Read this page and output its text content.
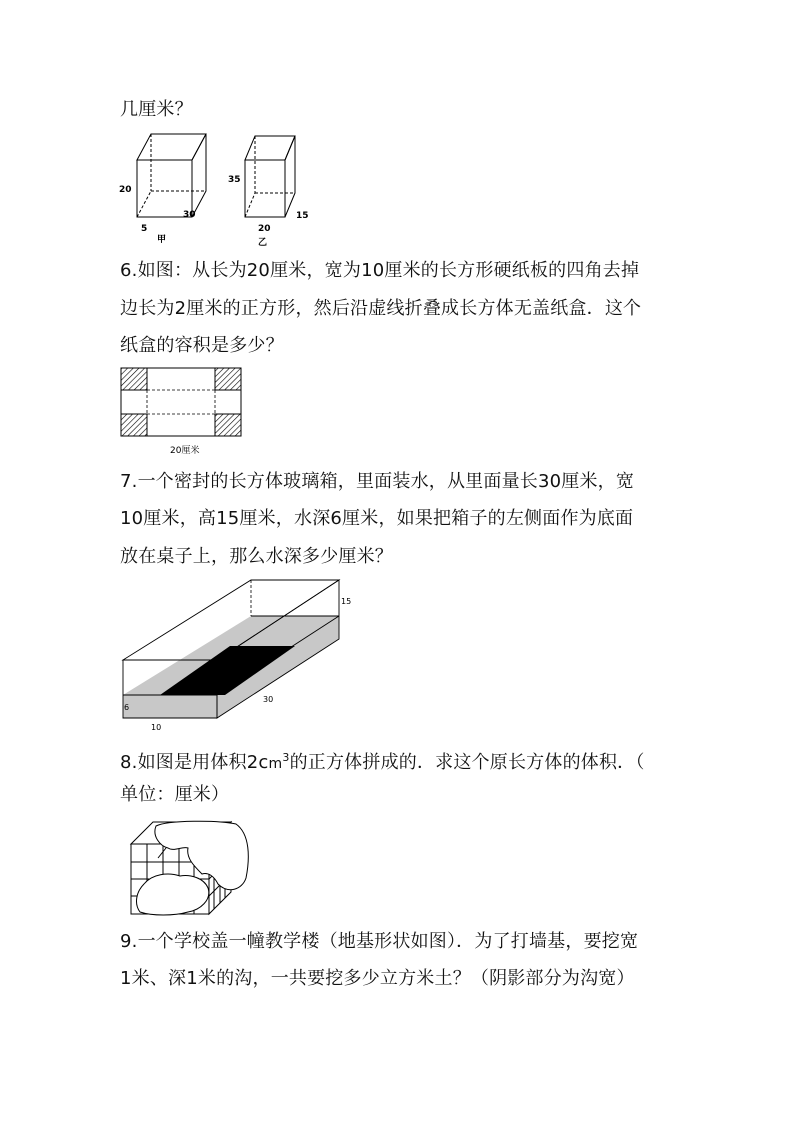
几厘米？
20
5
30
甲
35
15
20
乙
6.如图：从长为20厘米，宽为10厘米的长方形硬纸板的四角去掉
边长为2厘米的正方形，然后沿虚线折叠成长方体无盖纸盒．这个
纸盒的容积是多少？
20厘米
7.一个密封的长方体玻璃箱，里面装水，从里面量长30厘米，宽
10厘米，高15厘米，水深6厘米，如果把箱子的左侧面作为底面
放在桌子上，那么水深多少厘米？
15
6
10
30
8.如图是用体积$2cm^3$的正方体拼成的．求这个原长方体的体积．（
单位：厘米）
9.一个学校盖一幢教学楼（地基形状如图）．为了打墙基，要挖宽
1米、深1米的沟，一共要挖多少立方米土？（阴影部分为沟宽）
